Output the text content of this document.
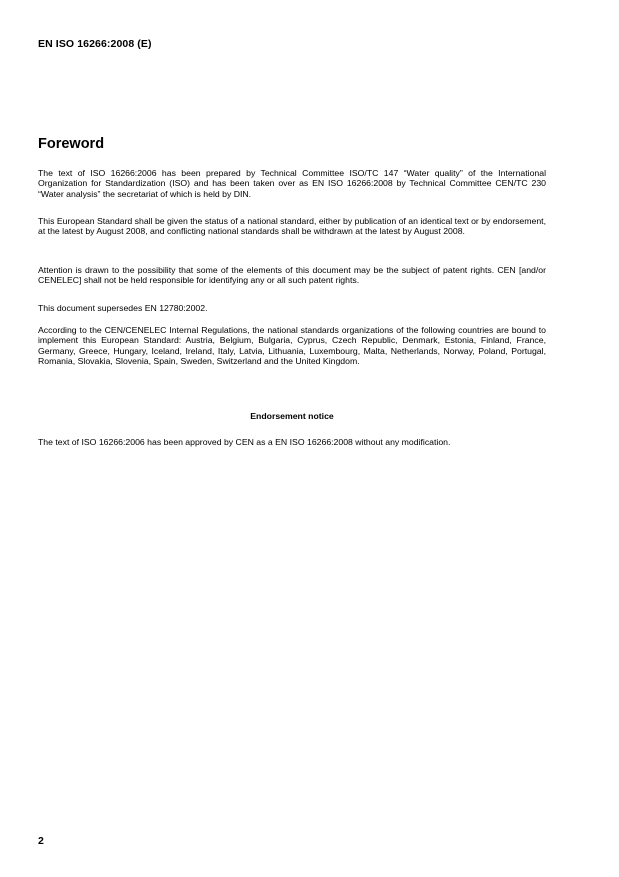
EN ISO 16266:2008 (E)
Foreword

The text of ISO 16266:2006 has been prepared by Technical Committee ISO/TC 147 “Water quality” of the International Organization for Standardization (ISO) and has been taken over as EN ISO 16266:2008 by Technical Committee CEN/TC 230 “Water analysis” the secretariat of which is held by DIN.

This European Standard shall be given the status of a national standard, either by publication of an identical text or by endorsement, at the latest by August 2008, and conflicting national standards shall be withdrawn at the latest by August 2008.

Attention is drawn to the possibility that some of the elements of this document may be the subject of patent rights. CEN [and/or CENELEC] shall not be held responsible for identifying any or all such patent rights.

This document supersedes EN 12780:2002.

According to the CEN/CENELEC Internal Regulations, the national standards organizations of the following countries are bound to implement this European Standard: Austria, Belgium, Bulgaria, Cyprus, Czech Republic, Denmark, Estonia, Finland, France, Germany, Greece, Hungary, Iceland, Ireland, Italy, Latvia, Lithuania, Luxembourg, Malta, Netherlands, Norway, Poland, Portugal, Romania, Slovakia, Slovenia, Spain, Sweden, Switzerland and the United Kingdom.

Endorsement notice

The text of ISO 16266:2006 has been approved by CEN as a EN ISO 16266:2008 without any modification.

2
